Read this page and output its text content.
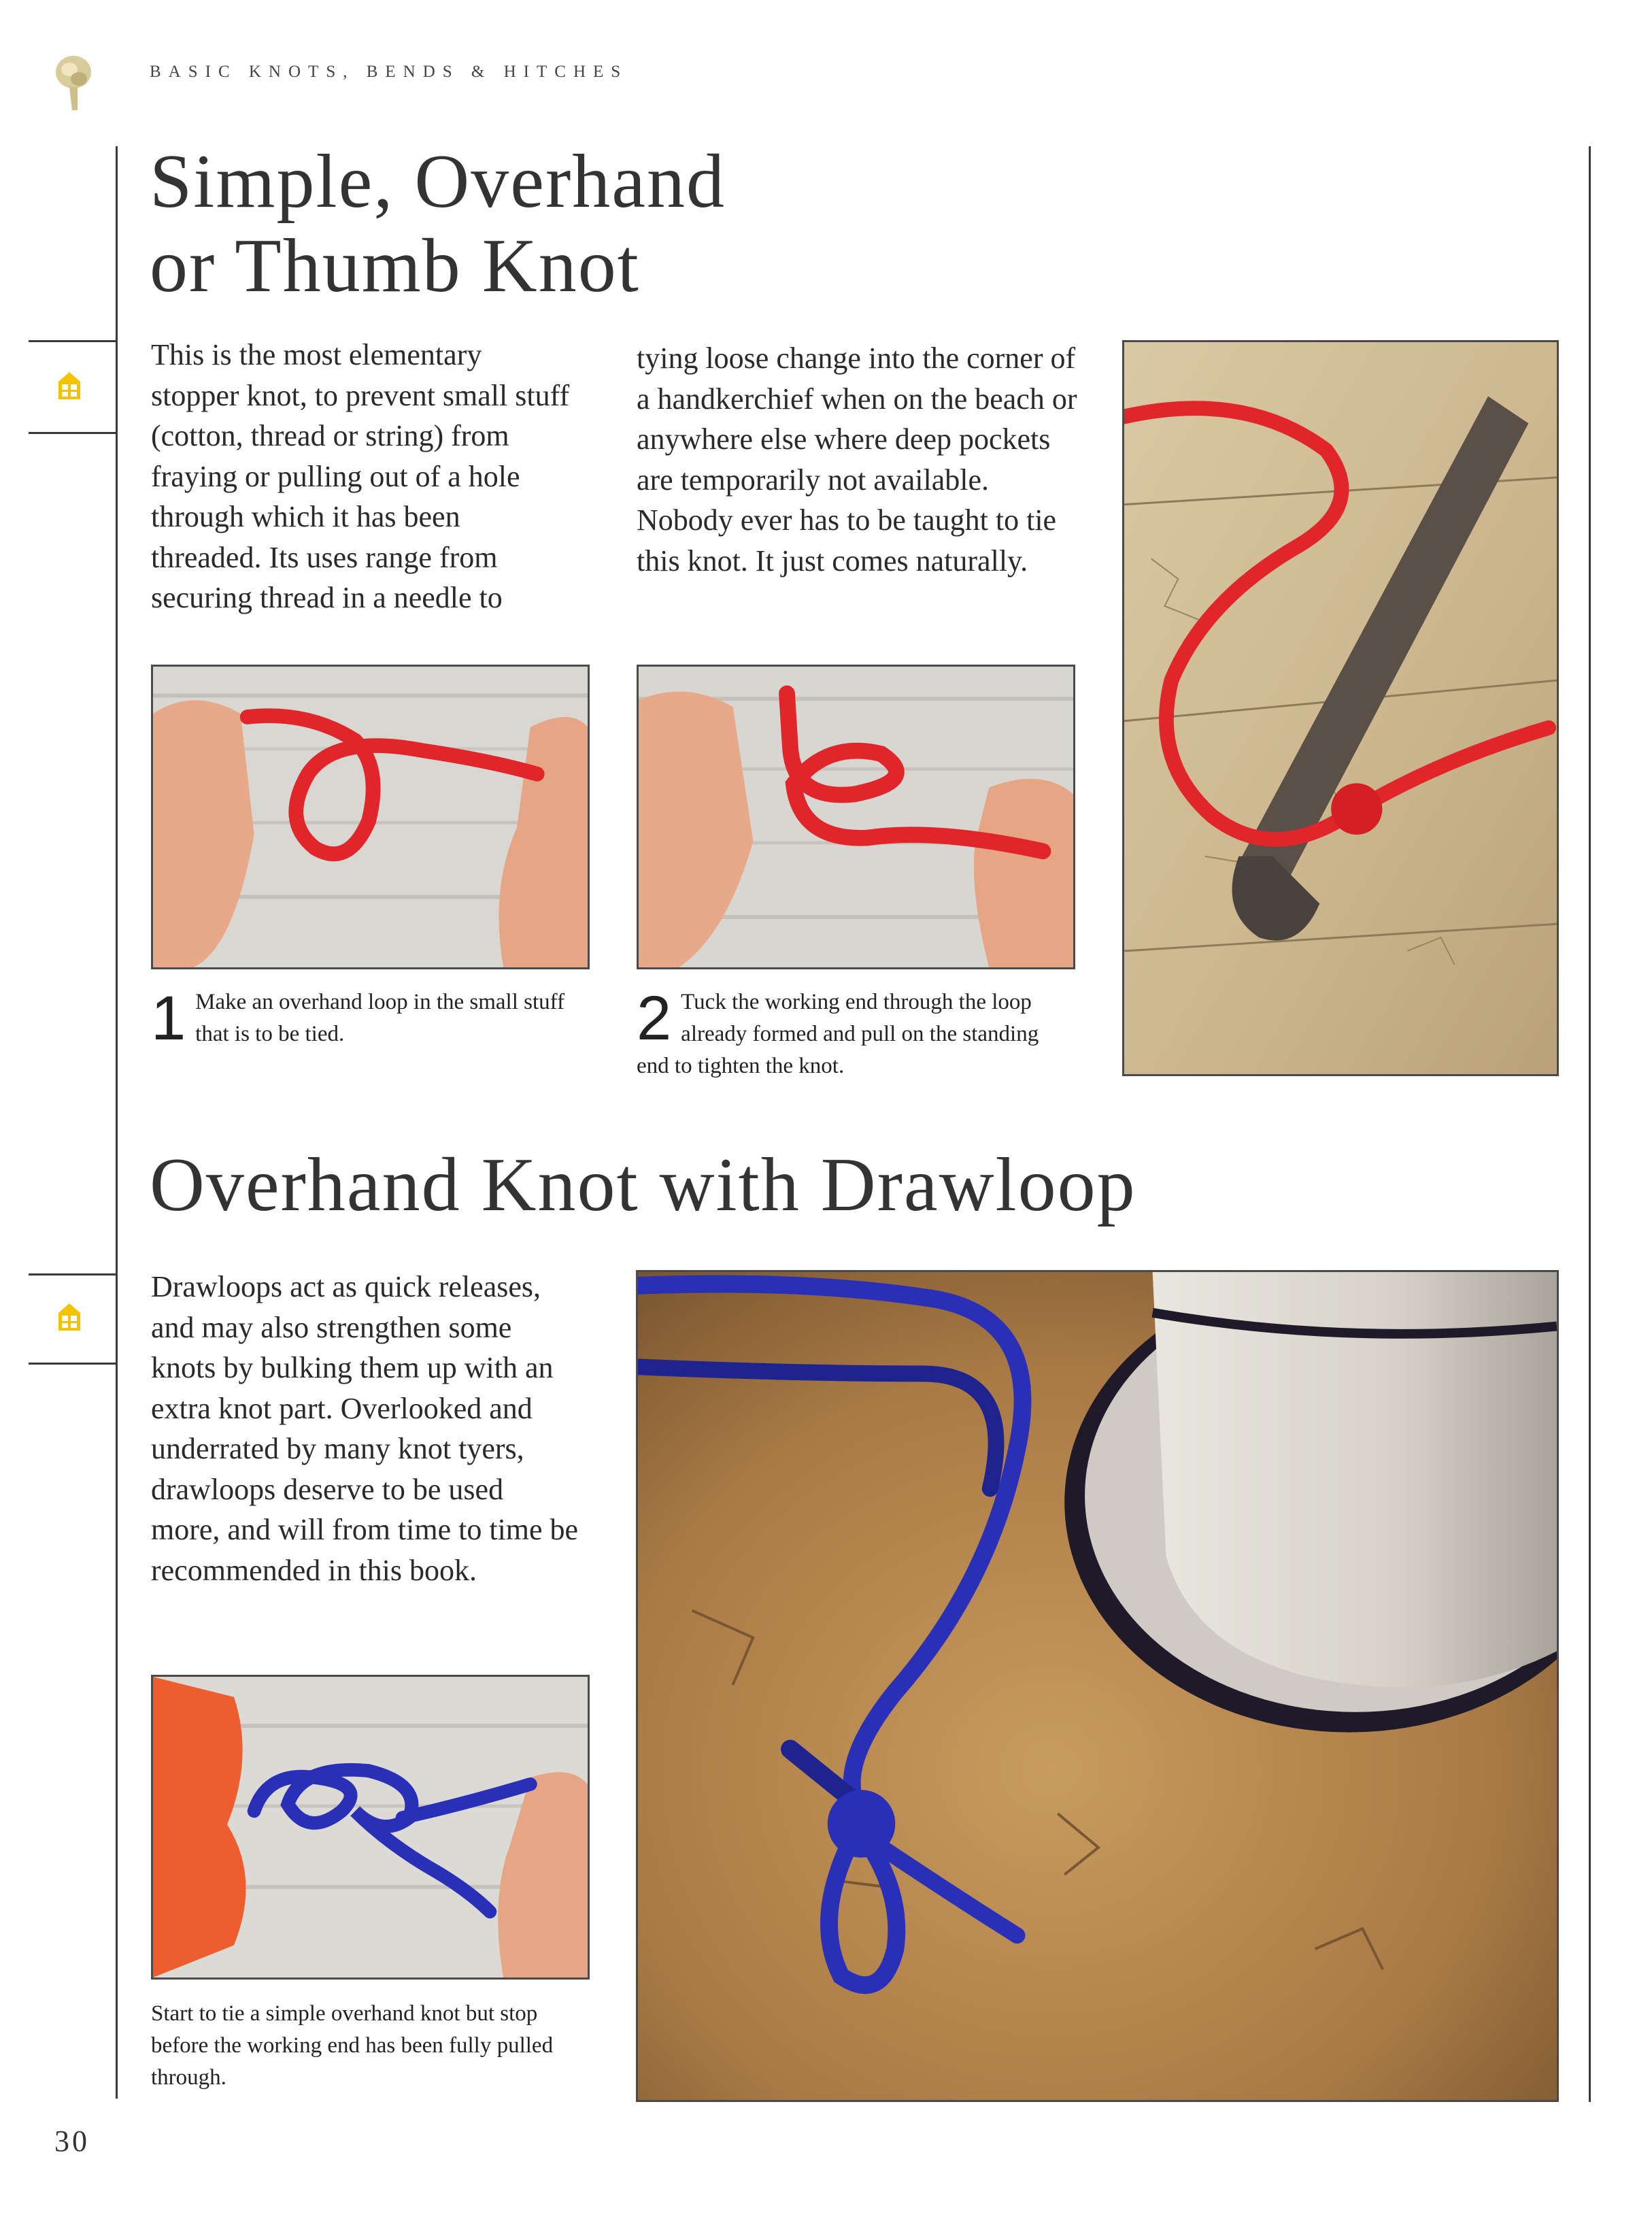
BASIC KNOTS, BENDS & HITCHES
Simple, Overhand
or Thumb Knot

This is the most elementary stopper knot, to prevent small stuff (cotton, thread or string) from fraying or pulling out of a hole through which it has been threaded. Its uses range from securing thread in a needle to

tying loose change into the corner of a handkerchief when on the beach or anywhere else where deep pockets are temporarily not available. Nobody ever has to be taught to tie this knot. It just comes naturally.

1 Make an overhand loop in the small stuff that is to be tied.	2 Tuck the working end through the loop already formed and pull on the standing end to tighten the knot.

Overhand Knot with Drawloop

Drawloops act as quick releases, and may also strengthen some knots by bulking them up with an extra knot part. Overlooked and underrated by many knot tyers, drawloops deserve to be used more, and will from time to time be recommended in this book.

Start to tie a simple overhand knot but stop before the working end has been fully pulled through.

30
